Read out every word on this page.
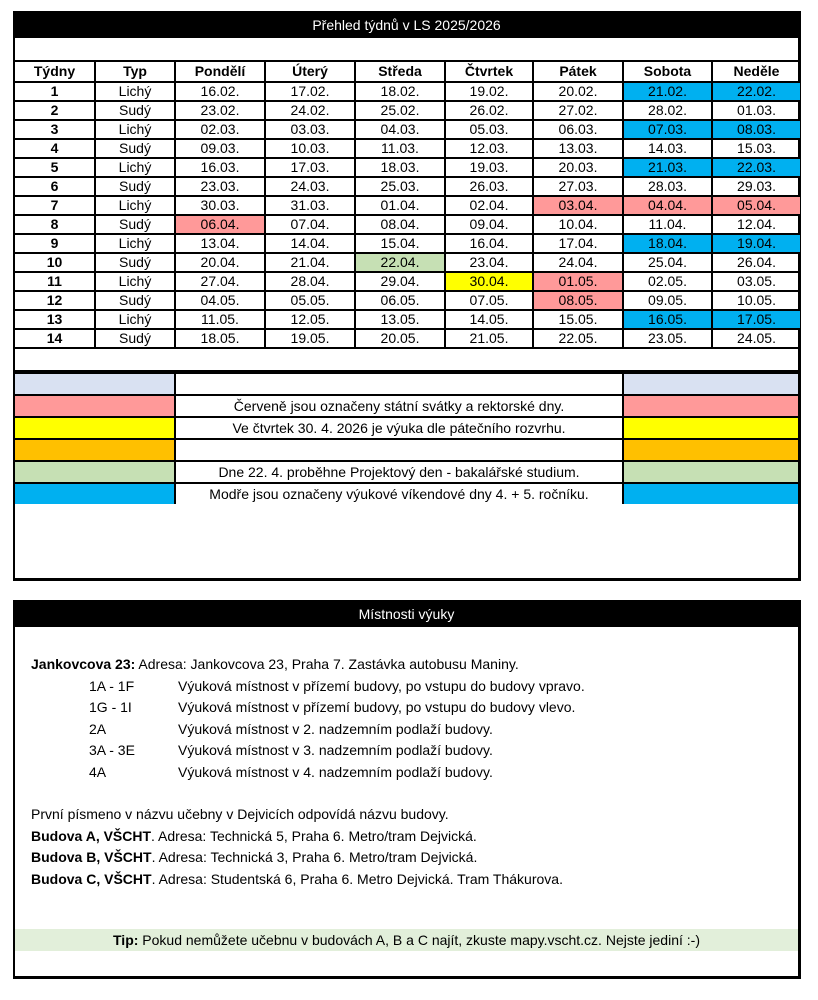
Přehled týdnů v LS 2025/2026
Týdny	Typ	Pondělí	Úterý	Středa	Čtvrtek	Pátek	Sobota	Neděle
1	Lichý	16.02.	17.02.	18.02.	19.02.	20.02.	21.02.	22.02.
2	Sudý	23.02.	24.02.	25.02.	26.02.	27.02.	28.02.	01.03.
3	Lichý	02.03.	03.03.	04.03.	05.03.	06.03.	07.03.	08.03.
4	Sudý	09.03.	10.03.	11.03.	12.03.	13.03.	14.03.	15.03.
5	Lichý	16.03.	17.03.	18.03.	19.03.	20.03.	21.03.	22.03.
6	Sudý	23.03.	24.03.	25.03.	26.03.	27.03.	28.03.	29.03.
7	Lichý	30.03.	31.03.	01.04.	02.04.	03.04.	04.04.	05.04.
8	Sudý	06.04.	07.04.	08.04.	09.04.	10.04.	11.04.	12.04.
9	Lichý	13.04.	14.04.	15.04.	16.04.	17.04.	18.04.	19.04.
10	Sudý	20.04.	21.04.	22.04.	23.04.	24.04.	25.04.	26.04.
11	Lichý	27.04.	28.04.	29.04.	30.04.	01.05.	02.05.	03.05.
12	Sudý	04.05.	05.05.	06.05.	07.05.	08.05.	09.05.	10.05.
13	Lichý	11.05.	12.05.	13.05.	14.05.	15.05.	16.05.	17.05.
14	Sudý	18.05.	19.05.	20.05.	21.05.	22.05.	23.05.	24.05.

	Červeně jsou označeny státní svátky a rektorské dny.	
	Ve čtvrtek 30. 4. 2026 je výuka dle pátečního rozvrhu.	

	Dne 22. 4. proběhne Projektový den - bakalářské studium.	
	Modře jsou označeny výukové víkendové dny 4. + 5. ročníku.	
Místnosti výuky
Jankovcova 23: Adresa: Jankovcova 23, Praha 7. Zastávka autobusu Maniny.
1A - 1F	Výuková místnost v přízemí budovy, po vstupu do budovy vpravo.
1G - 1I	Výuková místnost v přízemí budovy, po vstupu do budovy vlevo.
2A	Výuková místnost v 2. nadzemním podlaží budovy.
3A - 3E	Výuková místnost v 3. nadzemním podlaží budovy.
4A	Výuková místnost v 4. nadzemním podlaží budovy.
První písmeno v názvu učebny v Dejvicích odpovídá názvu budovy.
Budova A, VŠCHT. Adresa: Technická 5, Praha 6. Metro/tram Dejvická.
Budova B, VŠCHT. Adresa: Technická 3, Praha 6. Metro/tram Dejvická.
Budova C, VŠCHT. Adresa: Studentská 6, Praha 6. Metro Dejvická. Tram Thákurova.
Tip: Pokud nemůžete učebnu v budovách A, B a C najít, zkuste mapy.vscht.cz. Nejste jediní :-)
